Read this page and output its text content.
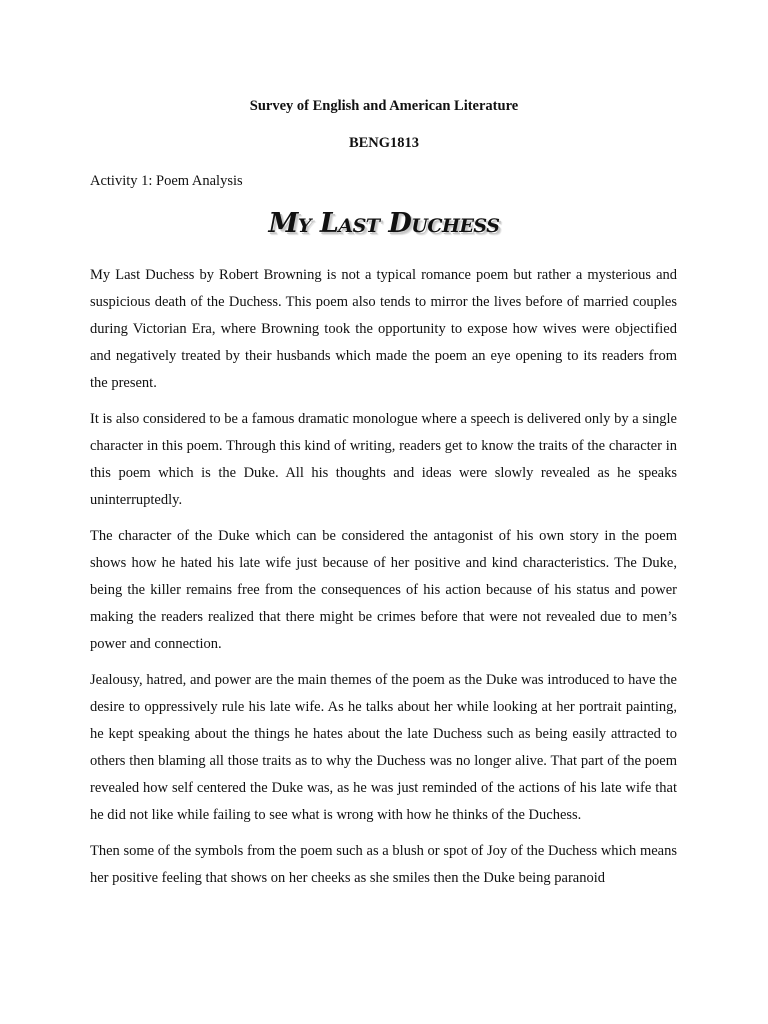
Survey of English and American Literature
BENG1813
Activity 1: Poem Analysis
My Last Duchess

My Last Duchess by Robert Browning is not a typical romance poem but rather a mysterious and suspicious death of the Duchess. This poem also tends to mirror the lives before of married couples during Victorian Era, where Browning took the opportunity to expose how wives were objectified and negatively treated by their husbands which made the poem an eye opening to its readers from the present.

It is also considered to be a famous dramatic monologue where a speech is delivered only by a single character in this poem. Through this kind of writing, readers get to know the traits of the character in this poem which is the Duke. All his thoughts and ideas were slowly revealed as he speaks uninterruptedly.

The character of the Duke which can be considered the antagonist of his own story in the poem shows how he hated his late wife just because of her positive and kind characteristics. The Duke, being the killer remains free from the consequences of his action because of his status and power making the readers realized that there might be crimes before that were not revealed due to men’s power and connection.

Jealousy, hatred, and power are the main themes of the poem as the Duke was introduced to have the desire to oppressively rule his late wife. As he talks about her while looking at her portrait painting, he kept speaking about the things he hates about the late Duchess such as being easily attracted to others then blaming all those traits as to why the Duchess was no longer alive. That part of the poem revealed how self centered the Duke was, as he was just reminded of the actions of his late wife that he did not like while failing to see what is wrong with how he thinks of the Duchess.

Then some of the symbols from the poem such as a blush or spot of Joy of the Duchess which means her positive feeling that shows on her cheeks as she smiles then the Duke being paranoid
